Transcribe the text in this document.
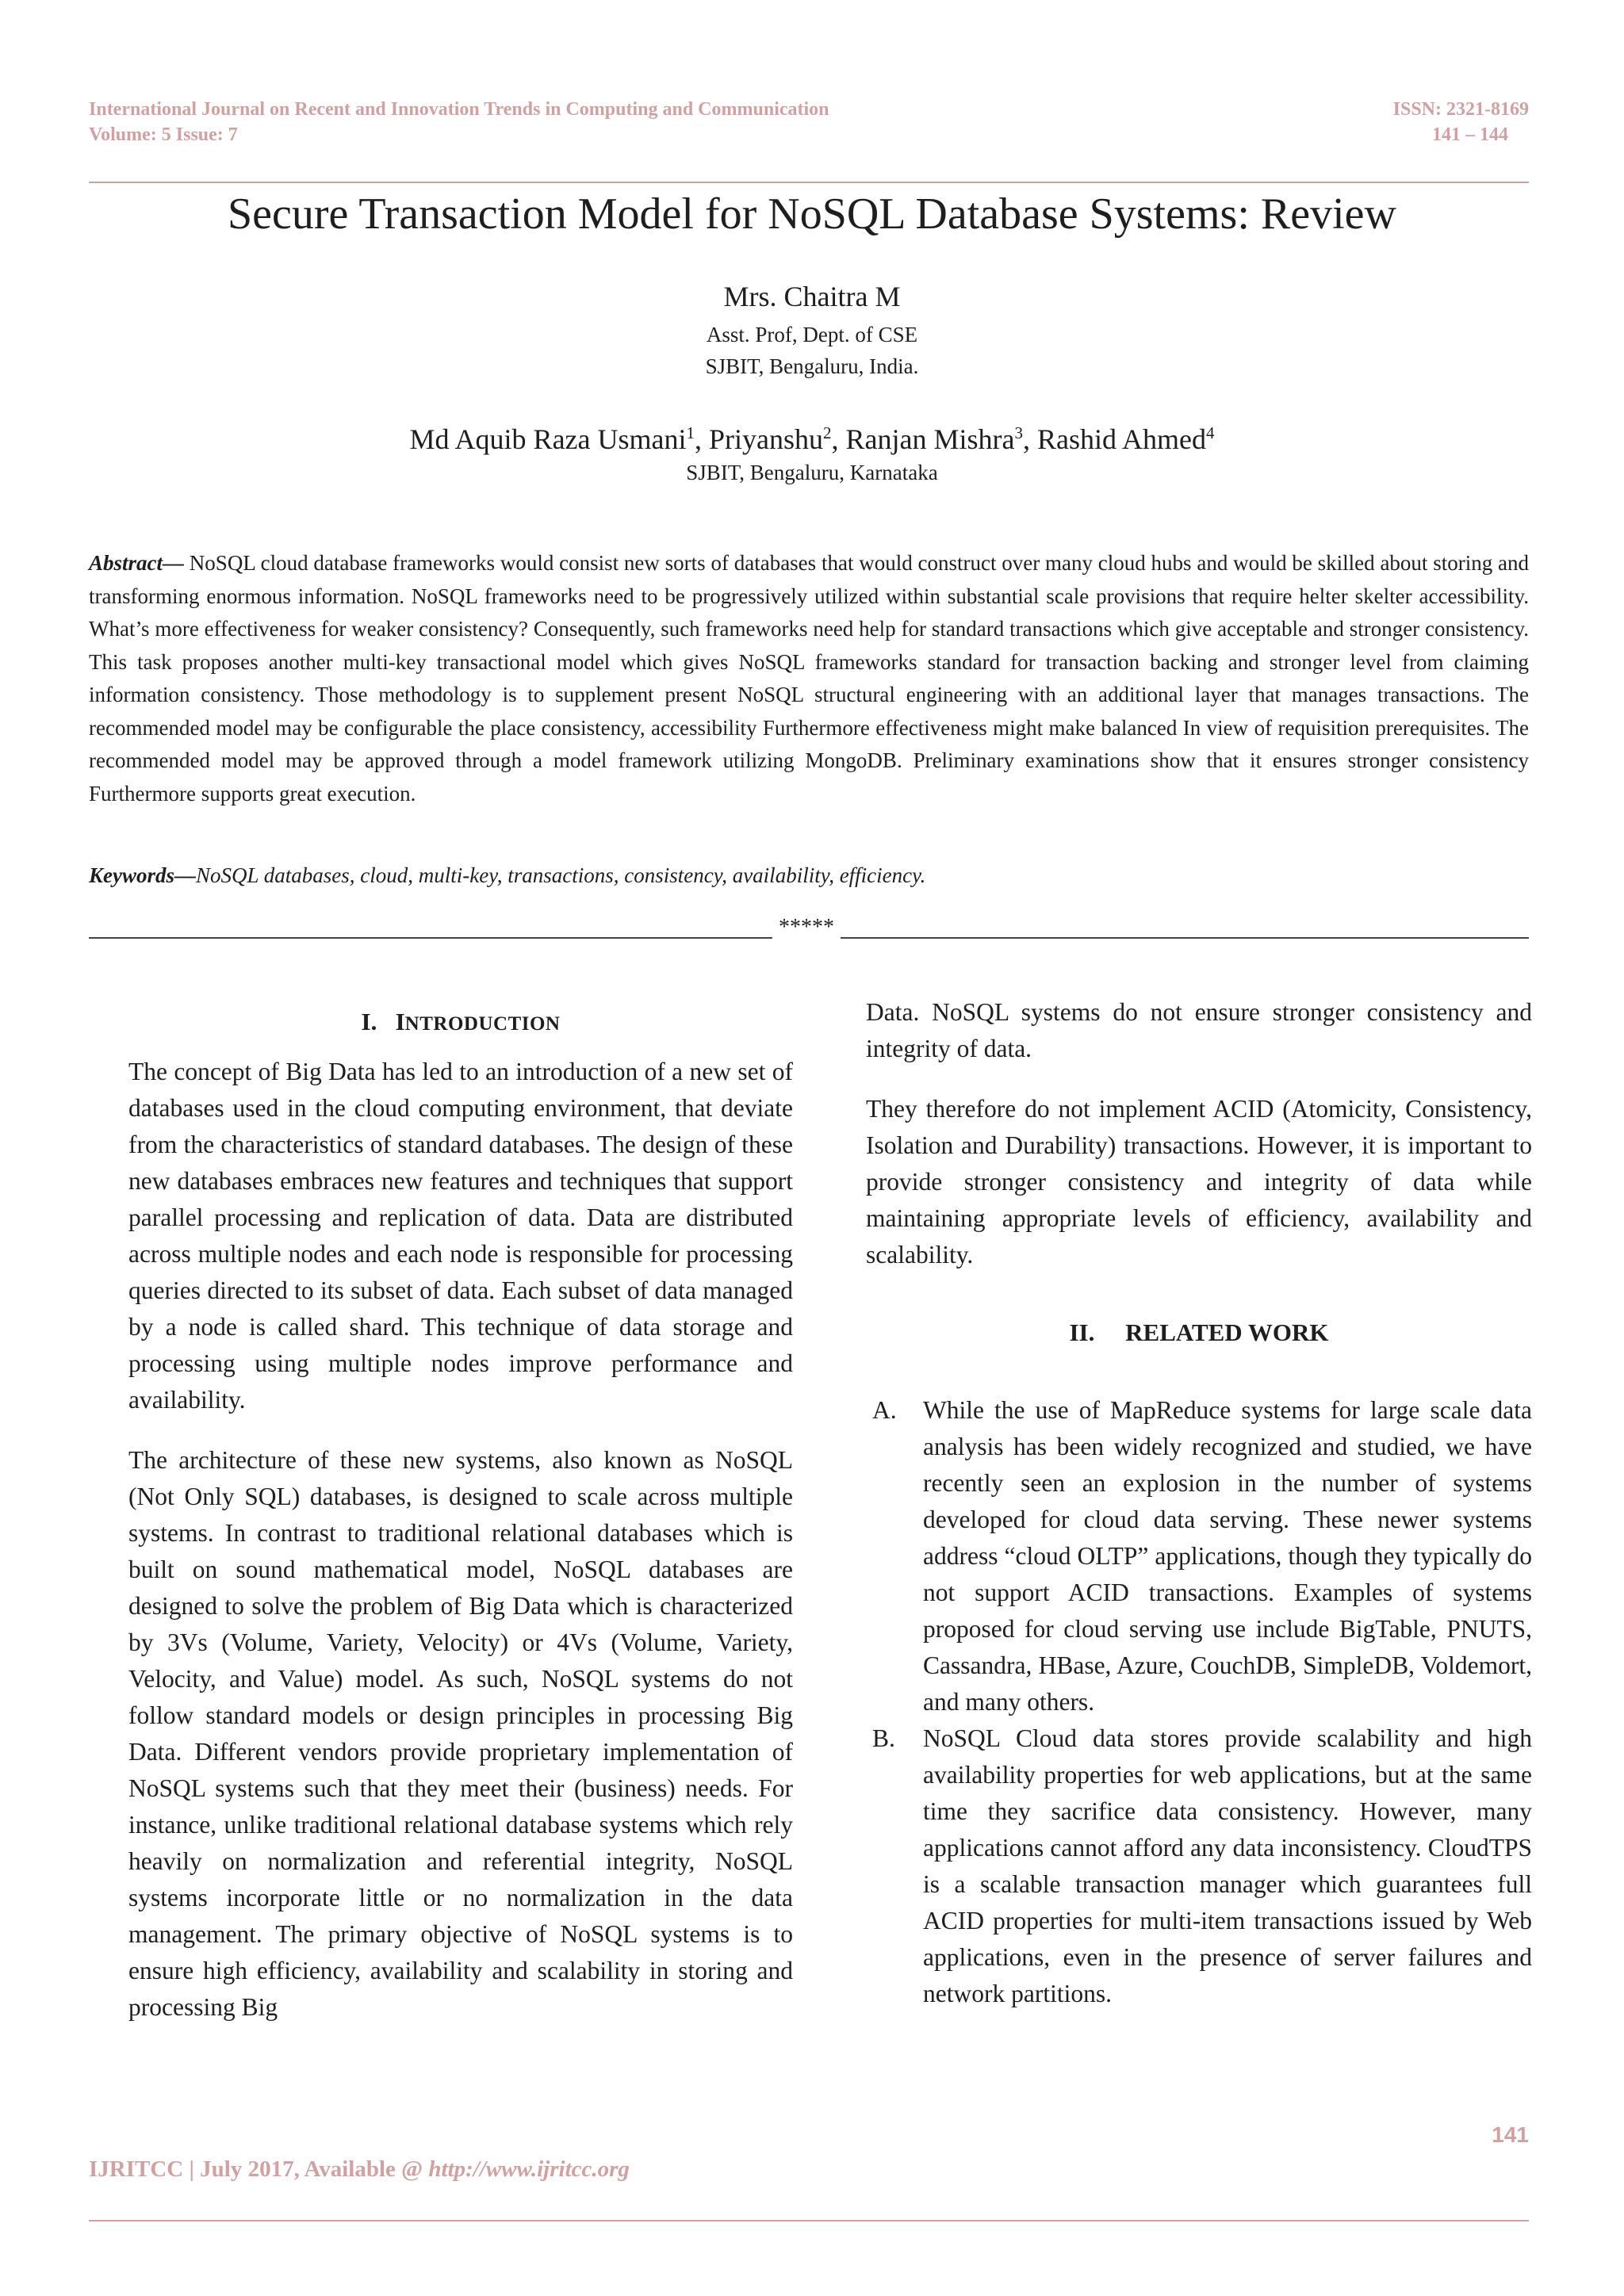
International Journal on Recent and Innovation Trends in Computing and Communication
Volume: 5 Issue: 7
ISSN: 2321-8169
141 – 144
Secure Transaction Model for NoSQL Database Systems: Review
Mrs. Chaitra M
Asst. Prof, Dept. of CSE
SJBIT, Bengaluru, India.
Md Aquib Raza Usmani$^1$, Priyanshu$^2$, Ranjan Mishra$^3$, Rashid Ahmed$^4$
SJBIT, Bengaluru, Karnataka
Abstract— NoSQL cloud database frameworks would consist new sorts of databases that would construct over many cloud hubs and would be skilled about storing and transforming enormous information. NoSQL frameworks need to be progressively utilized within substantial scale provisions that require helter skelter accessibility. What’s more effectiveness for weaker consistency? Consequently, such frameworks need help for standard transactions which give acceptable and stronger consistency. This task proposes another multi-key transactional model which gives NoSQL frameworks standard for transaction backing and stronger level from claiming information consistency. Those methodology is to supplement present NoSQL structural engineering with an additional layer that manages transactions. The recommended model may be configurable the place consistency, accessibility Furthermore effectiveness might make balanced In view of requisition prerequisites. The recommended model may be approved through a model framework utilizing MongoDB. Preliminary examinations show that it ensures stronger consistency Furthermore supports great execution.
Keywords—NoSQL databases, cloud, multi-key, transactions, consistency, availability, efficiency.
*****
I. INTRODUCTION

The concept of Big Data has led to an introduction of a new set of databases used in the cloud computing environment, that deviate from the characteristics of standard databases. The design of these new databases embraces new features and techniques that support parallel processing and replication of data. Data are distributed across multiple nodes and each node is responsible for processing queries directed to its subset of data. Each subset of data managed by a node is called shard. This technique of data storage and processing using multiple nodes improve performance and availability.

The architecture of these new systems, also known as NoSQL (Not Only SQL) databases, is designed to scale across multiple systems. In contrast to traditional relational databases which is built on sound mathematical model, NoSQL databases are designed to solve the problem of Big Data which is characterized by 3Vs (Volume, Variety, Velocity) or 4Vs (Volume, Variety, Velocity, and Value) model. As such, NoSQL systems do not follow standard models or design principles in processing Big Data. Different vendors provide proprietary implementation of NoSQL systems such that they meet their (business) needs. For instance, unlike traditional relational database systems which rely heavily on normalization and referential integrity, NoSQL systems incorporate little or no normalization in the data management. The primary objective of NoSQL systems is to ensure high efficiency, availability and scalability in storing and processing Big

Data. NoSQL systems do not ensure stronger consistency and integrity of data.

They therefore do not implement ACID (Atomicity, Consistency, Isolation and Durability) transactions. However, it is important to provide stronger consistency and integrity of data while maintaining appropriate levels of efficiency, availability and scalability.

II. RELATED WORK
A. While the use of MapReduce systems for large scale data analysis has been widely recognized and studied, we have recently seen an explosion in the number of systems developed for cloud data serving. These newer systems address “cloud OLTP” applications, though they typically do not support ACID transactions. Examples of systems proposed for cloud serving use include BigTable, PNUTS, Cassandra, HBase, Azure, CouchDB, SimpleDB, Voldemort, and many others.
B. NoSQL Cloud data stores provide scalability and high availability properties for web applications, but at the same time they sacrifice data consistency. However, many applications cannot afford any data inconsistency. CloudTPS is a scalable transaction manager which guarantees full ACID properties for multi-item transactions issued by Web applications, even in the presence of server failures and network partitions.
141
IJRITCC | July 2017, Available @ http://www.ijritcc.org
